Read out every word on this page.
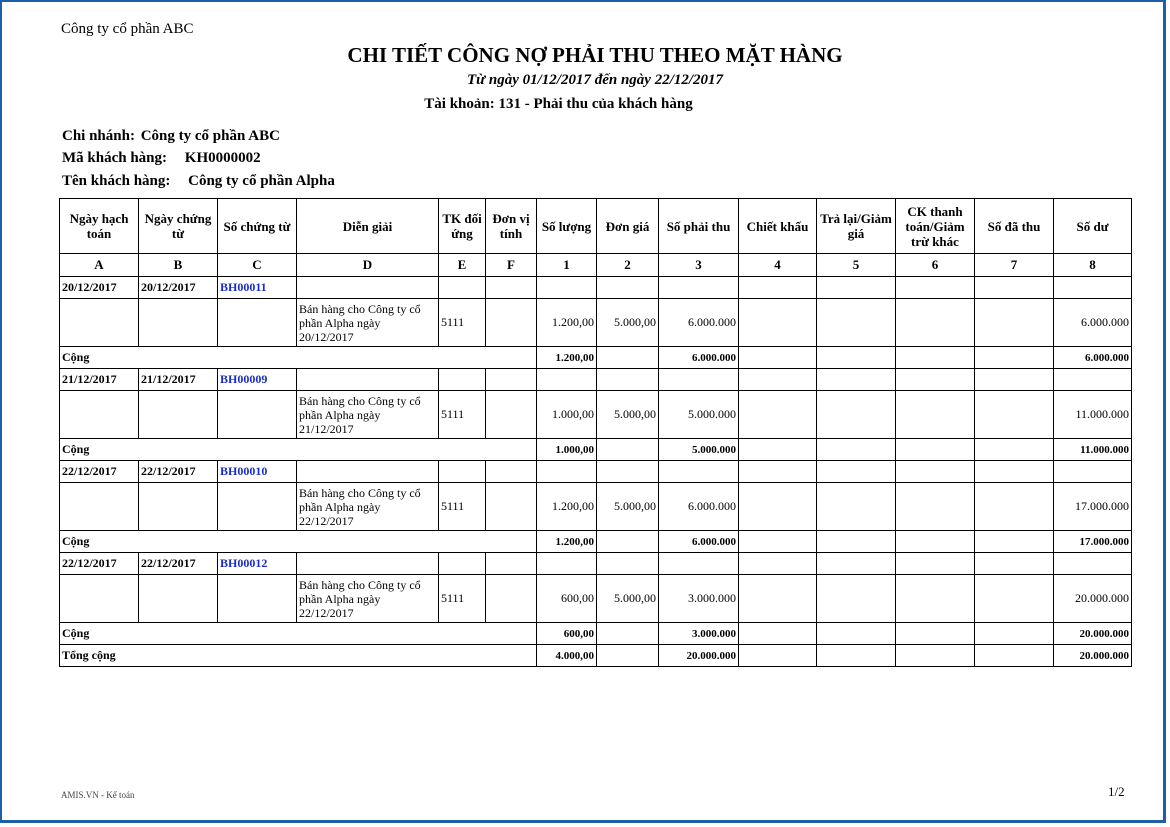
Công ty cổ phần ABC
CHI TIẾT CÔNG NỢ PHẢI THU THEO MẶT HÀNG
Từ ngày 01/12/2017 đến ngày 22/12/2017
Tài khoản: 131 - Phải thu của khách hàng
Chi nhánh: Công ty cổ phần ABC
Mã khách hàng: KH0000002
Tên khách hàng: Công ty cổ phần Alpha
Ngày hạch toán	Ngày chứng từ	Số chứng từ	Diễn giải	TK đối ứng	Đơn vị tính	Số lượng	Đơn giá	Số phải thu	Chiết khấu	Trả lại/Giảm giá	CK thanh toán/Giảm trừ khác	Số đã thu	Số dư
A	B	C	D	E	F	1	2	3	4	5	6	7	8
20/12/2017	20/12/2017	BH00011											
			Bán hàng cho Công ty cổ phần Alpha ngày 20/12/2017	5111		1.200,00	5.000,00	6.000.000					6.000.000
Cộng						1.200,00		6.000.000					6.000.000
21/12/2017	21/12/2017	BH00009											
			Bán hàng cho Công ty cổ phần Alpha ngày 21/12/2017	5111		1.000,00	5.000,00	5.000.000					11.000.000
Cộng						1.000,00		5.000.000					11.000.000
22/12/2017	22/12/2017	BH00010											
			Bán hàng cho Công ty cổ phần Alpha ngày 22/12/2017	5111		1.200,00	5.000,00	6.000.000					17.000.000
Cộng						1.200,00		6.000.000					17.000.000
22/12/2017	22/12/2017	BH00012											
			Bán hàng cho Công ty cổ phần Alpha ngày 22/12/2017	5111		600,00	5.000,00	3.000.000					20.000.000
Cộng						600,00		3.000.000					20.000.000
Tổng cộng						4.000,00		20.000.000					20.000.000
AMIS.VN - Kế toán	1/2
